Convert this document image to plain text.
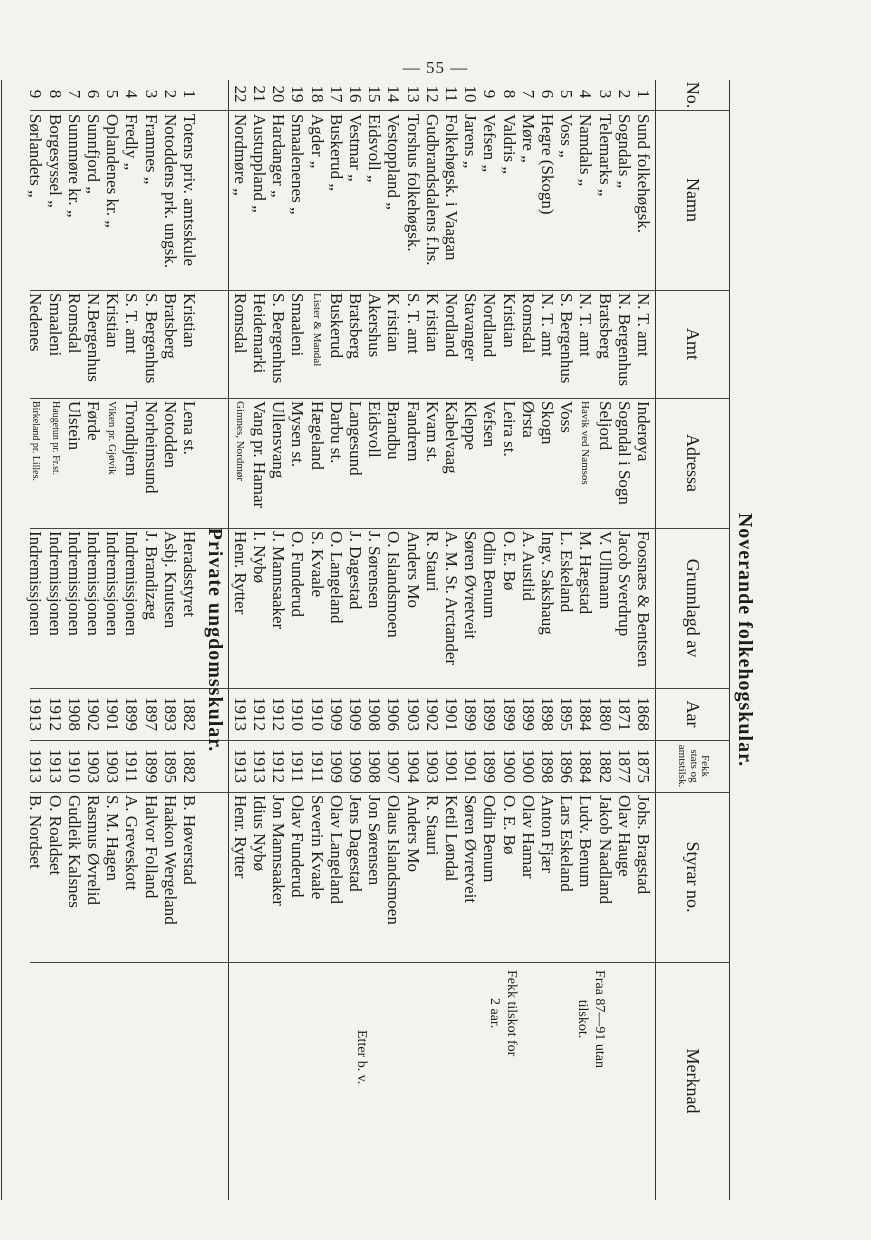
— 55 —
Noverande folkehogskular.
No.
Namn
Amt
Adressa
Grunnlagd av
Aar
Fekk
stats og
amtstilsk.
Styrar no.
Merknad
1
Sund folkehøgsk.
N. T. amt
Inderøya
Foosnæs & Bentsen
1868
1875
Johs. Bragstad
2
Sogndals „
N. Bergenhus
Sogndal i Sogn
Jacob Sverdrup
1871
1877
Olav Hauge
3
Telemarks „
Bratsberg
Seljord
V. Ullmann
1880
1882
Jakob Naadland
4
Namdals „
N. T. amt
Havik ved Namsos
M. Hægstad
1884
1884
Ludv. Benum
5
Voss „
S. Bergenhus
Voss
L. Eskeland
1895
1896
Lars Eskeland
6
Hegre (Skogn)
N. T. amt
Skogn
Ingv. Sakshaug
1898
1898
Anton Fjær
7
Møre „
Romsdal
Ørsta
A. Austlid
1899
1900
Olav Hamar
8
Valdris „
Kristian
Leira st.
O. E. Bø
1899
1900
O. E. Bø
9
Vefsen „
Nordland
Vefsen
Odin Benum
1899
1899
Odin Benum
10
Jarens „
Stavanger
Kleppe
Søren Øvretveit
1899
1901
Søren Øvretveit
11
Folkehøgsk. i Vaagan
Nordland
Kabelvaag
A. M. St. Arctander
1901
1901
Ketil Løndal
12
Gudbrandsdalens f.hs.
K ristian
Kvam st.
R. Stauri
1902
1903
R. Stauri
13
Torshus folkehøgsk.
S. T. amt
Fandrem
Anders Mo
1903
1904
Anders Mo
14
Vestoppland „
K ristian
Brandbu
O. Islandsmoen
1906
1907
Olaus Islandsmoen
15
Eidsvoll „
Akershus
Eidsvoll
J. Sørensen
1908
1908
Jon Sørensen
16
Vestmar „
Bratsberg
Langesund
J. Dagestad
1909
1909
Jens Dagestad
17
Buskerud „
Buskerud
Darbu st.
O. Langeland
1909
1909
Olav Langeland
18
Agder „
Lister & Mandal
Hægeland
S. Kvaale
1910
1911
Severin Kvaale
19
Smaalenenes „
Smaaleni
Mysen st.
O. Funderud
1910
1911
Olav Funderud
20
Hardanger „
S. Bergenhus
Ullensvang
J. Mannsaaker
1912
1912
Jon Mannsaaker
21
Austuppland „
Heidemarki
Vang pr. Hamar
I. Nybø
1912
1913
Idius Nybø
22
Nordmøre „
Romsdal
Gimnes, Nordmør
Henr. Rytter
1913
1913
Henr. Rytter
Private ungdomsskular.
1
Totens priv. amtsskule
Kristian
Lena st.
Heradsstyret
1882
1882
B. Høverstad
2
Notoddens prk. ungsk.
Bratsberg
Notodden
Asbj. Knutsen
1893
1895
Haakon Wergeland
3
Framnes „
S. Bergenhus
Norheimsund
J. Brandizæg
1897
1899
Halvor Folland
4
Fredly „
S. T. amt
Trondhjem
Indremissjonen
1899
1911
A. Greveskott
5
Oplandenes kr. „
Kristian
Viken pr. Gjøvik
Indremissjonen
1901
1903
S. M. Hagen
6
Sunnfjord „
N.Bergenhus
Førde
Indremissjonen
1902
1903
Rasmus Øvrelid
7
Sunnmøre kr. „
Romsdal
Ulstein
Indremissjonen
1908
1910
Gudleik Kalsnes
8
Borgesyssel „
Smaaleni
Haugetun pr. Fr.st.
Indremissjonen
1912
1913
O. Roaldset
9
Sørlandets „
Nedenes
Birkeland pr. Lilles.
Indremissjonen
1913
1913
B. Nordset
Fraa 87—91 utan
tilskot.
Fekk tilskot for
2 aar.
Etter b. v.
